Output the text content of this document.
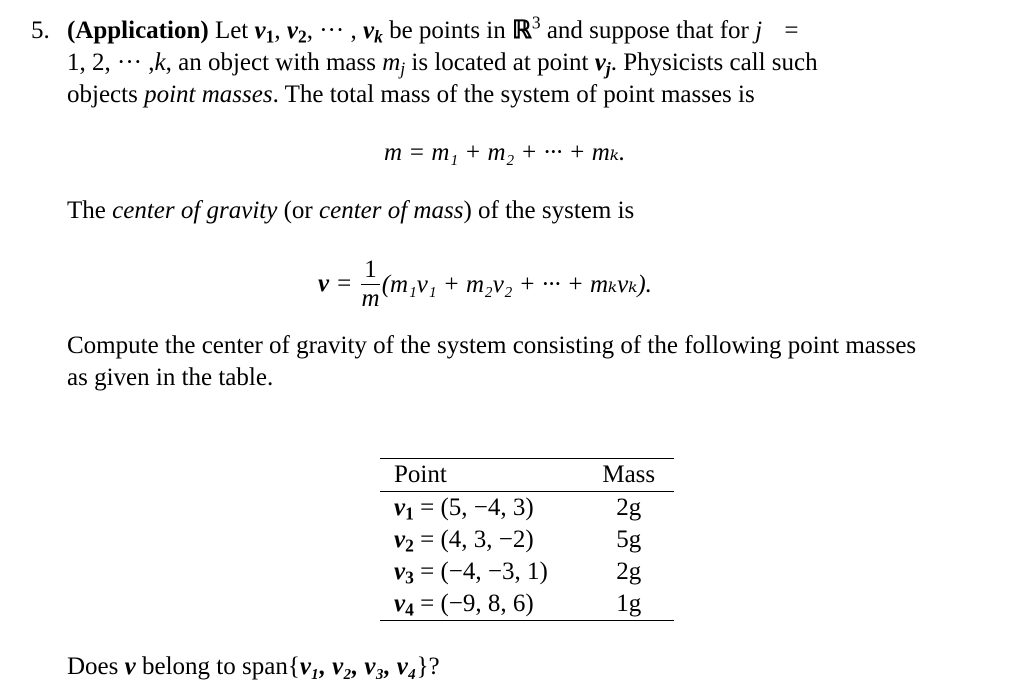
5. (Application) Let $v_1$, $v_2$, ··· , $v_k$ be points in ℝ$^3$ and suppose that for j =
1, 2, ··· ,k, an object with mass $m_j$ is located at point $v_j$. Physicists call such
objects point masses. The total mass of the system of point masses is
m = m₁ + m₂ + ··· + mₖ.
The center of gravity (or center of mass) of the system is
$v = \frac{1}{m} (m_1v_1 + m_2v_2$ + ··· + mₖvₖ).
Compute the center of gravity of the system consisting of the following point masses
as given in the table.
Point	Mass
$v_1 = (5$, −4, 3)	2g
$v_2 = (4$, 3, −2)	5g
$v_3 = (-4$, −3, 1)	2g
$v_4 = (-9$, 8, 6)	1g
Does v belong to span{v₁, v₂, v₃, v₄}?
